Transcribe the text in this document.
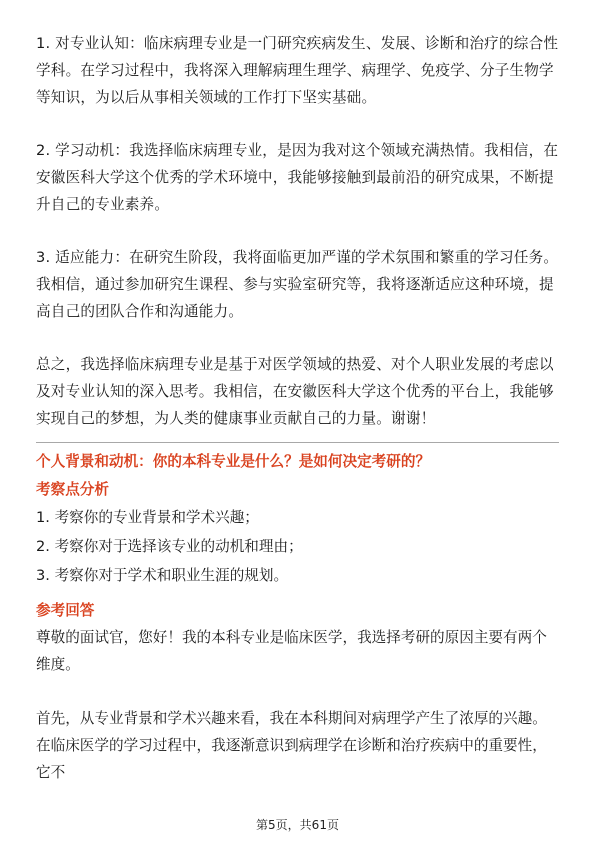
1. 对专业认知：临床病理专业是一门研究疾病发生、发展、诊断和治疗的综合性学科。在学习过程中，我将深入理解病理生理学、病理学、免疫学、分子生物学等知识，为以后从事相关领域的工作打下坚实基础。

2. 学习动机：我选择临床病理专业，是因为我对这个领域充满热情。我相信，在安徽医科大学这个优秀的学术环境中，我能够接触到最前沿的研究成果，不断提升自己的专业素养。

3. 适应能力：在研究生阶段，我将面临更加严谨的学术氛围和繁重的学习任务。我相信，通过参加研究生课程、参与实验室研究等，我将逐渐适应这种环境，提高自己的团队合作和沟通能力。

总之，我选择临床病理专业是基于对医学领域的热爱、对个人职业发展的考虑以及对专业认知的深入思考。我相信，在安徽医科大学这个优秀的平台上，我能够实现自己的梦想，为人类的健康事业贡献自己的力量。谢谢！

个人背景和动机：你的本科专业是什么？是如何决定考研的？

考察点分析

1. 考察你的专业背景和学术兴趣；

2. 考察你对于选择该专业的动机和理由；

3. 考察你对于学术和职业生涯的规划。

参考回答

尊敬的面试官，您好！我的本科专业是临床医学，我选择考研的原因主要有两个维度。

首先，从专业背景和学术兴趣来看，我在本科期间对病理学产生了浓厚的兴趣。在临床医学的学习过程中，我逐渐意识到病理学在诊断和治疗疾病中的重要性，它不

第5页，共61页
